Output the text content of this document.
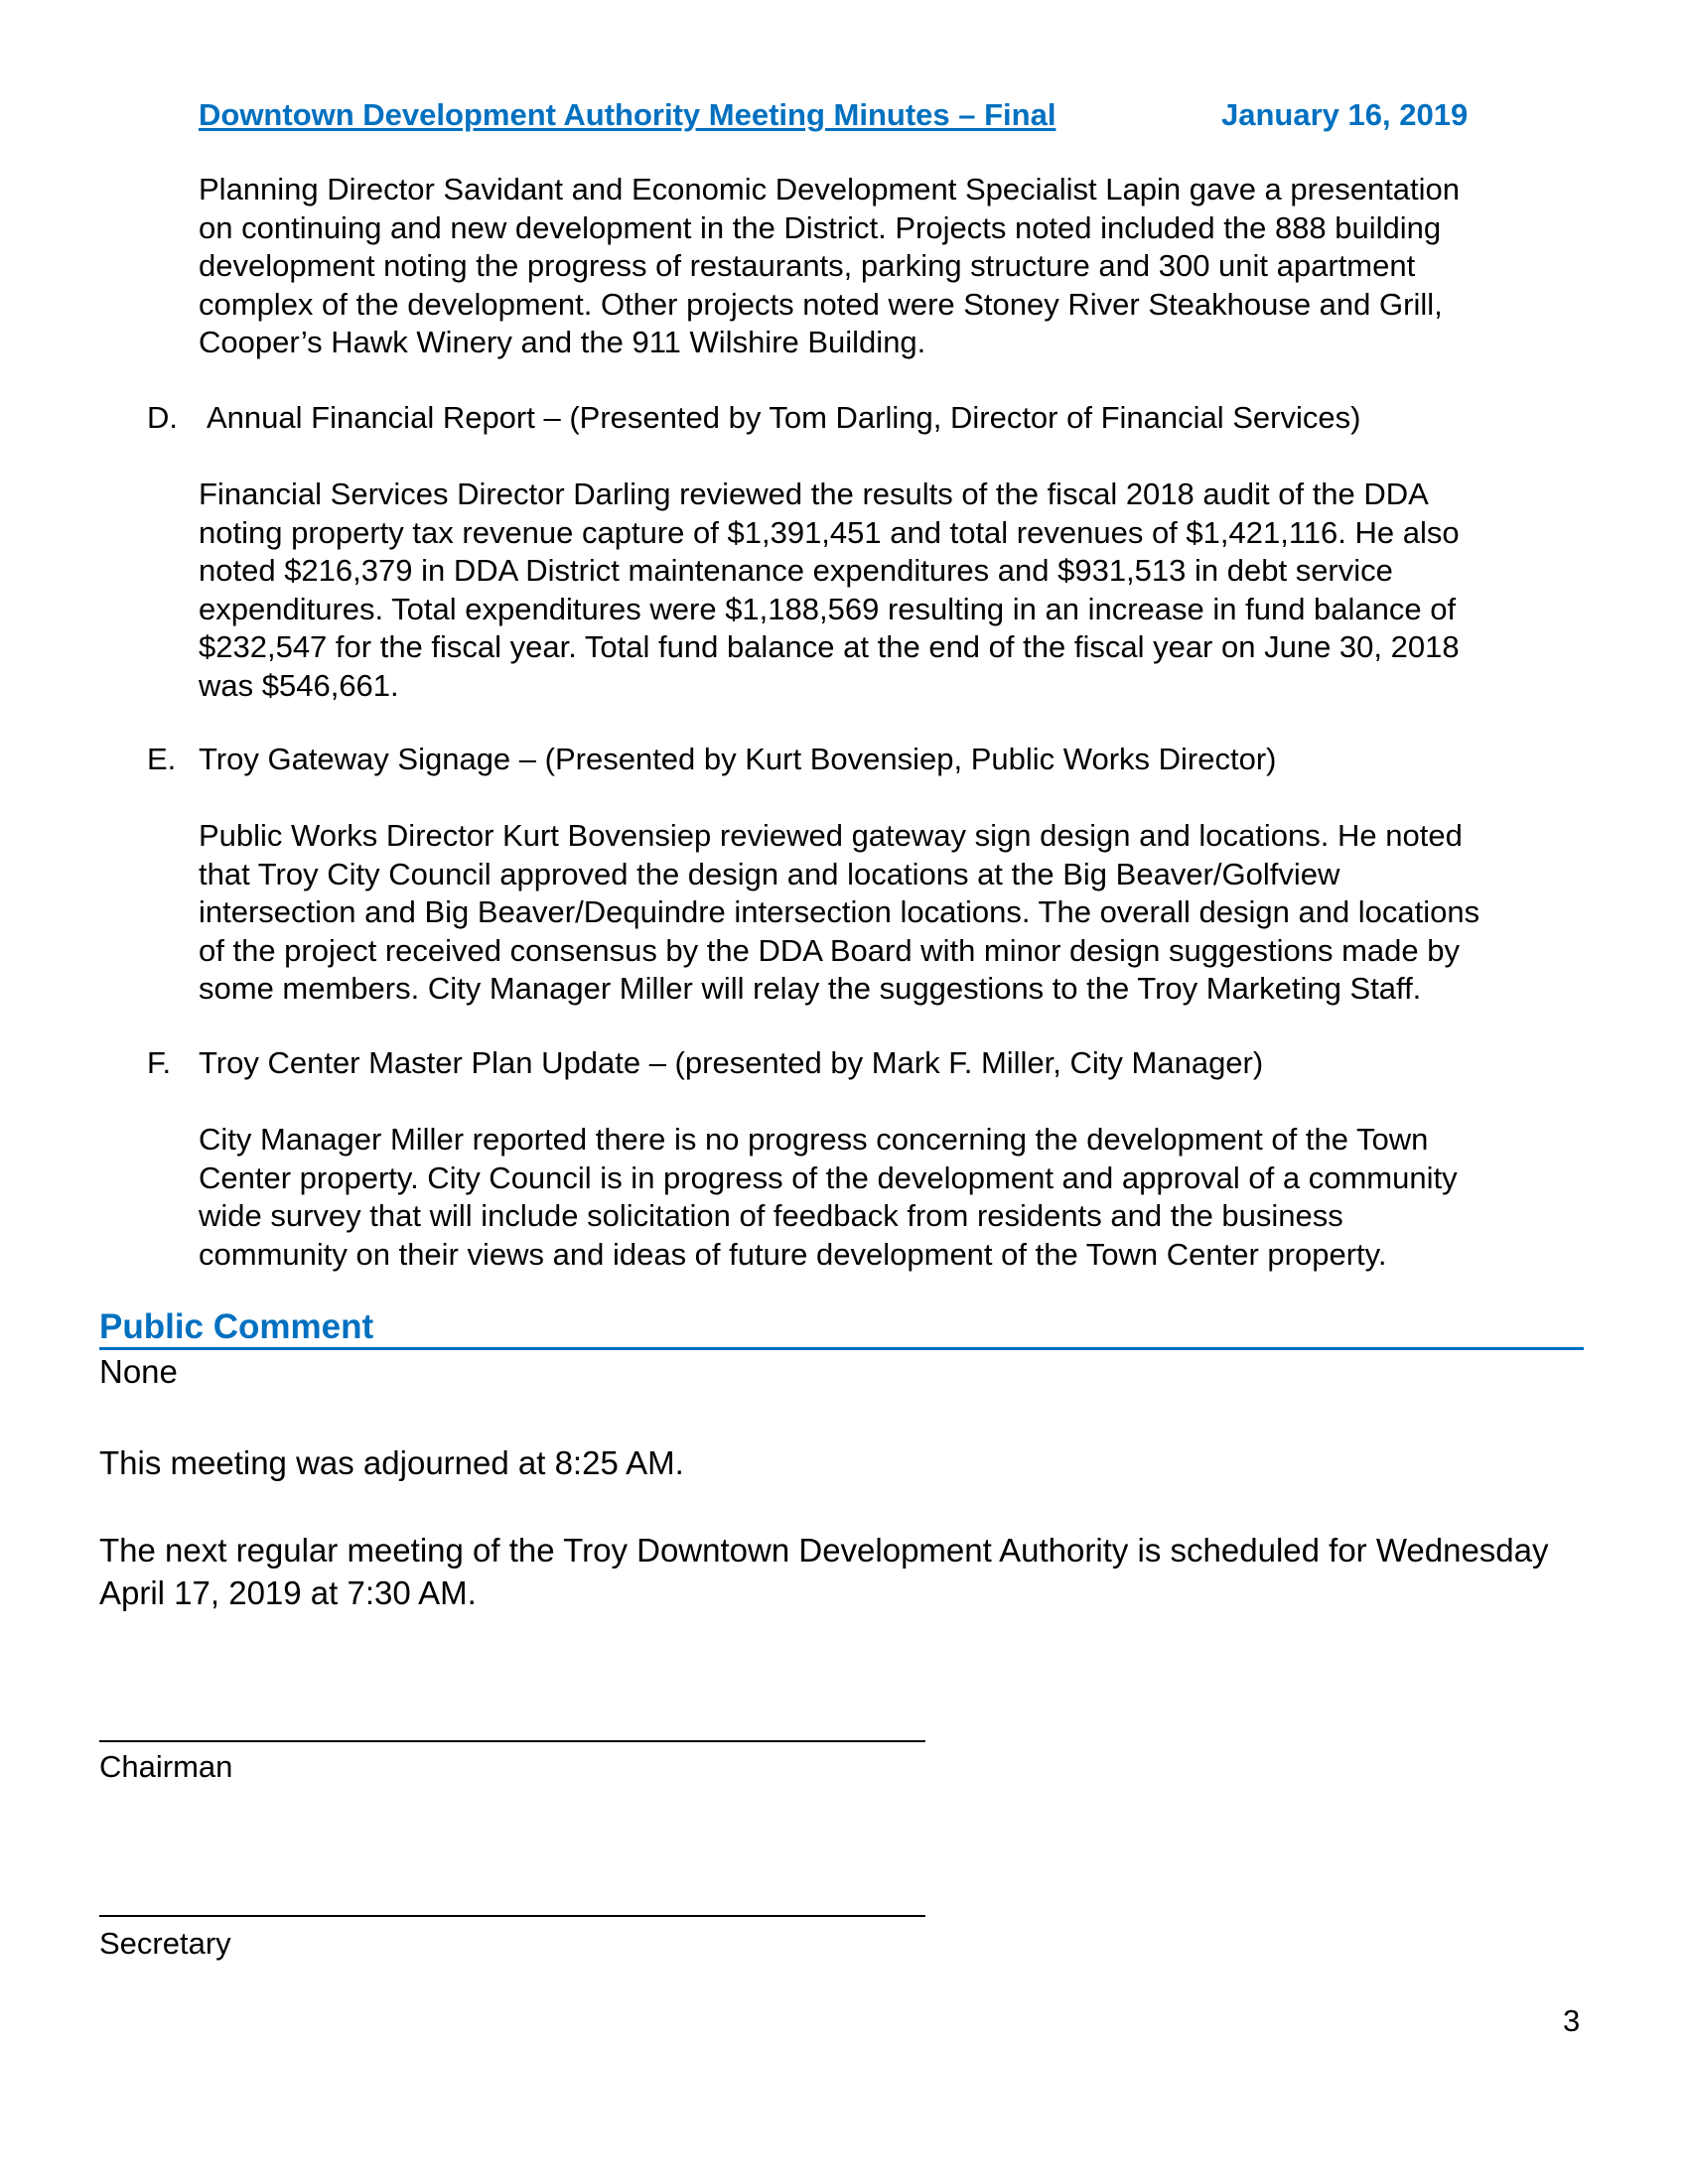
Downtown Development Authority Meeting Minutes – Final	January 16, 2019
Planning Director Savidant and Economic Development Specialist Lapin gave a presentation
on continuing and new development in the District. Projects noted included the 888 building
development noting the progress of restaurants, parking structure and 300 unit apartment
complex of the development. Other projects noted were Stoney River Steakhouse and Grill,
Cooper’s Hawk Winery and the 911 Wilshire Building.
D. Annual Financial Report – (Presented by Tom Darling, Director of Financial Services)
Financial Services Director Darling reviewed the results of the fiscal 2018 audit of the DDA
noting property tax revenue capture of $1,391,451 and total revenues of $1,421,116. He also
noted $216,379 in DDA District maintenance expenditures and $931,513 in debt service
expenditures. Total expenditures were $1,188,569 resulting in an increase in fund balance of
$232,547 for the fiscal year. Total fund balance at the end of the fiscal year on June 30, 2018
was $546,661.
E. Troy Gateway Signage – (Presented by Kurt Bovensiep, Public Works Director)
Public Works Director Kurt Bovensiep reviewed gateway sign design and locations. He noted
that Troy City Council approved the design and locations at the Big Beaver/Golfview
intersection and Big Beaver/Dequindre intersection locations. The overall design and locations
of the project received consensus by the DDA Board with minor design suggestions made by
some members. City Manager Miller will relay the suggestions to the Troy Marketing Staff.
F. Troy Center Master Plan Update – (presented by Mark F. Miller, City Manager)
City Manager Miller reported there is no progress concerning the development of the Town
Center property. City Council is in progress of the development and approval of a community
wide survey that will include solicitation of feedback from residents and the business
community on their views and ideas of future development of the Town Center property.
Public Comment
None
This meeting was adjourned at 8:25 AM.
The next regular meeting of the Troy Downtown Development Authority is scheduled for Wednesday
April 17, 2019 at 7:30 AM.
Chairman
Secretary
3
